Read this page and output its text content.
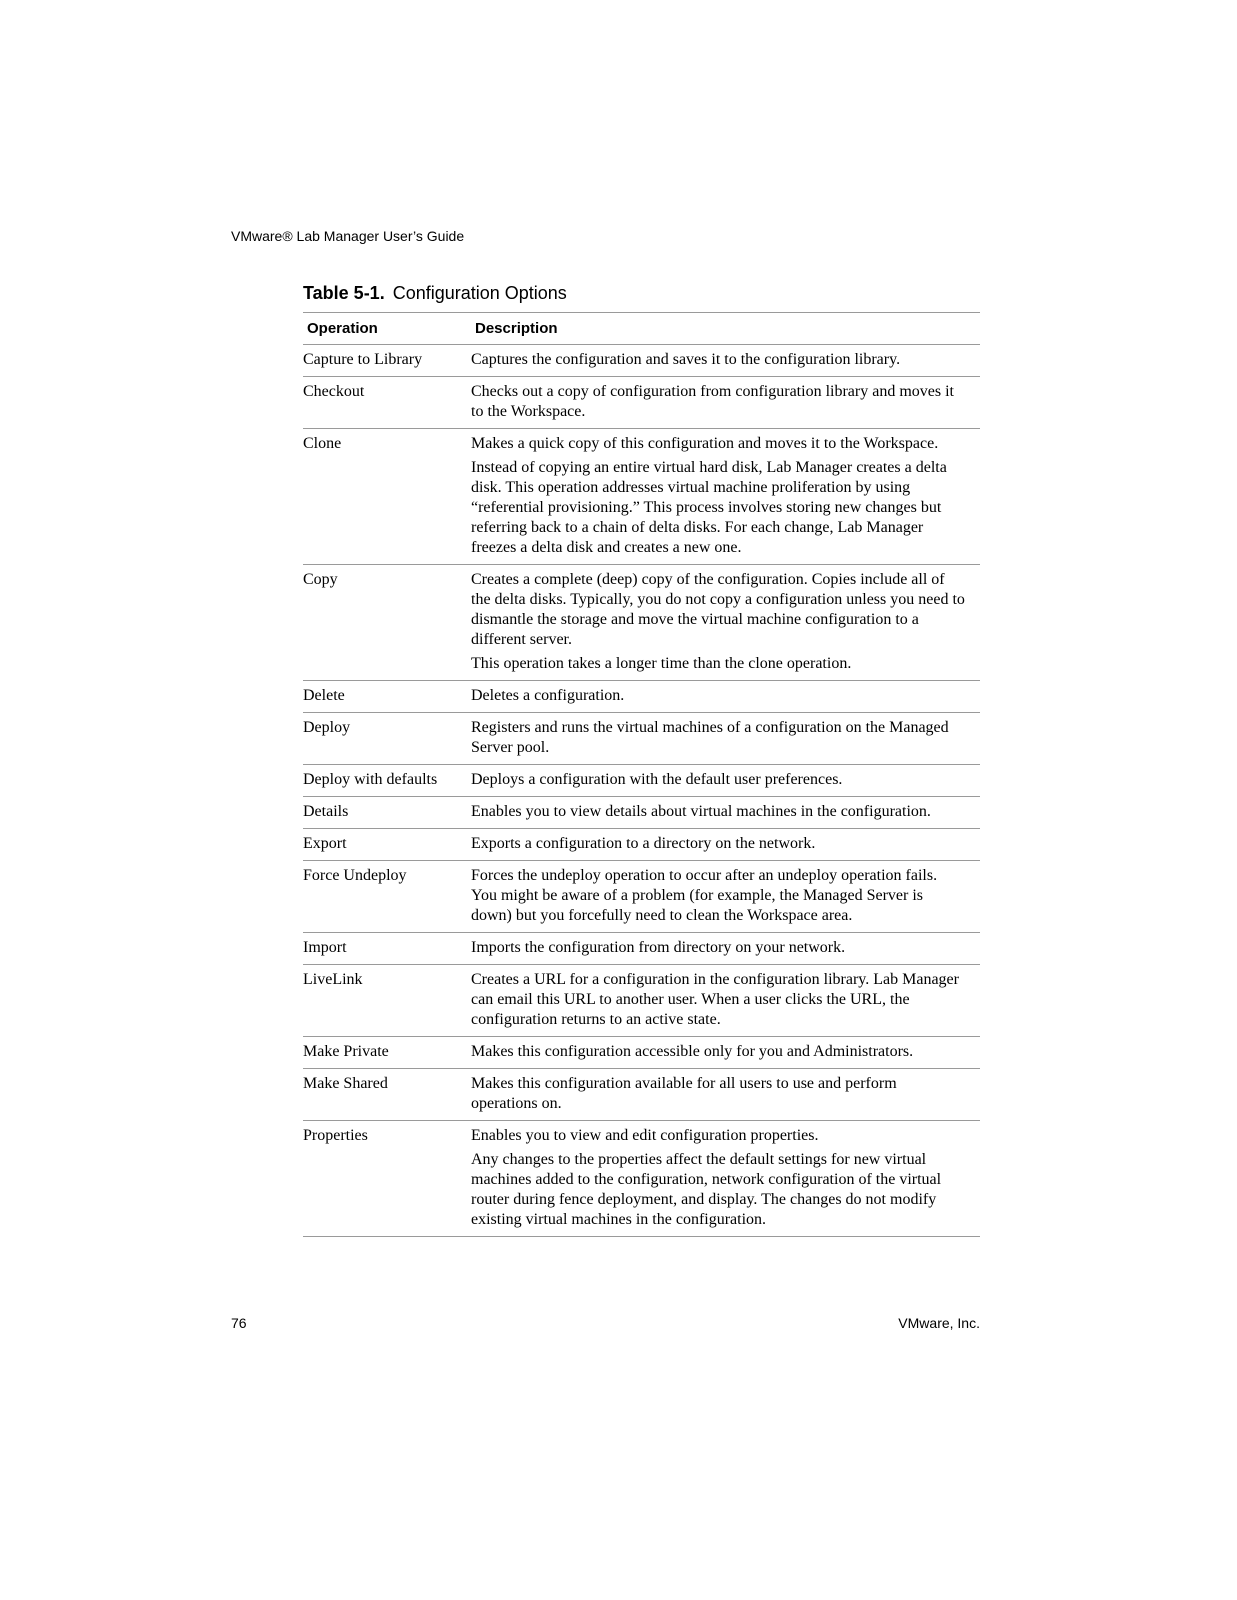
VMware® Lab Manager User’s Guide
Table 5-1. Configuration Options
Operation	Description
Capture to Library	Captures the configuration and saves it to the configuration library.

Checkout	Checks out a copy of configuration from configuration library and moves it to the Workspace.

Clone	Makes a quick copy of this configuration and moves it to the Workspace.

Instead of copying an entire virtual hard disk, Lab Manager creates a delta disk. This operation addresses virtual machine proliferation by using “referential provisioning.” This process involves storing new changes but referring back to a chain of delta disks. For each change, Lab Manager freezes a delta disk and creates a new one.

Copy	Creates a complete (deep) copy of the configuration. Copies include all of the delta disks. Typically, you do not copy a configuration unless you need to dismantle the storage and move the virtual machine configuration to a different server.

This operation takes a longer time than the clone operation.

Delete	Deletes a configuration.

Deploy	Registers and runs the virtual machines of a configuration on the Managed Server pool.

Deploy with defaults	Deploys a configuration with the default user preferences.

Details	Enables you to view details about virtual machines in the configuration.

Export	Exports a configuration to a directory on the network.

Force Undeploy	Forces the undeploy operation to occur after an undeploy operation fails. You might be aware of a problem (for example, the Managed Server is down) but you forcefully need to clean the Workspace area.

Import	Imports the configuration from directory on your network.

LiveLink	Creates a URL for a configuration in the configuration library. Lab Manager can email this URL to another user. When a user clicks the URL, the configuration returns to an active state.

Make Private	Makes this configuration accessible only for you and Administrators.

Make Shared	Makes this configuration available for all users to use and perform operations on.

Properties	Enables you to view and edit configuration properties.

Any changes to the properties affect the default settings for new virtual machines added to the configuration, network configuration of the virtual router during fence deployment, and display. The changes do not modify existing virtual machines in the configuration.

76	VMware, Inc.
